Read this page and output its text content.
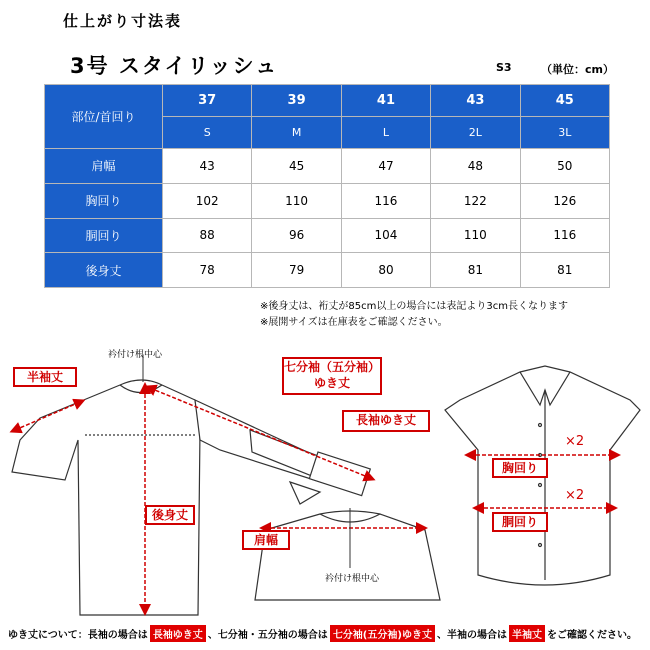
仕上がり寸法表
3号 スタイリッシュ	S3	（単位：cm）
部位/首回り	37	39	41	43	45
	S	M	L	2L	3L
肩幅	43	45	47	48	50
胸回り	102	110	116	122	126
胴回り	88	96	104	110	116
後身丈	78	79	80	81	81
※後身丈は、裄丈が85cm以上の場合には表記より3cm長くなります
※展開サイズは在庫表をご確認ください。
衿付け根中心
衿付け根中心
半袖丈
七分袖（五分袖）
ゆき丈
長袖ゆき丈
後身丈
肩幅
胸回り
胴回り
×2
×2
ゆき丈について：長袖の場合は 長袖ゆき丈 、七分袖・五分袖の場合は 七分袖(五分袖)ゆき丈 、半袖の場合は 半袖丈 をご確認ください。
